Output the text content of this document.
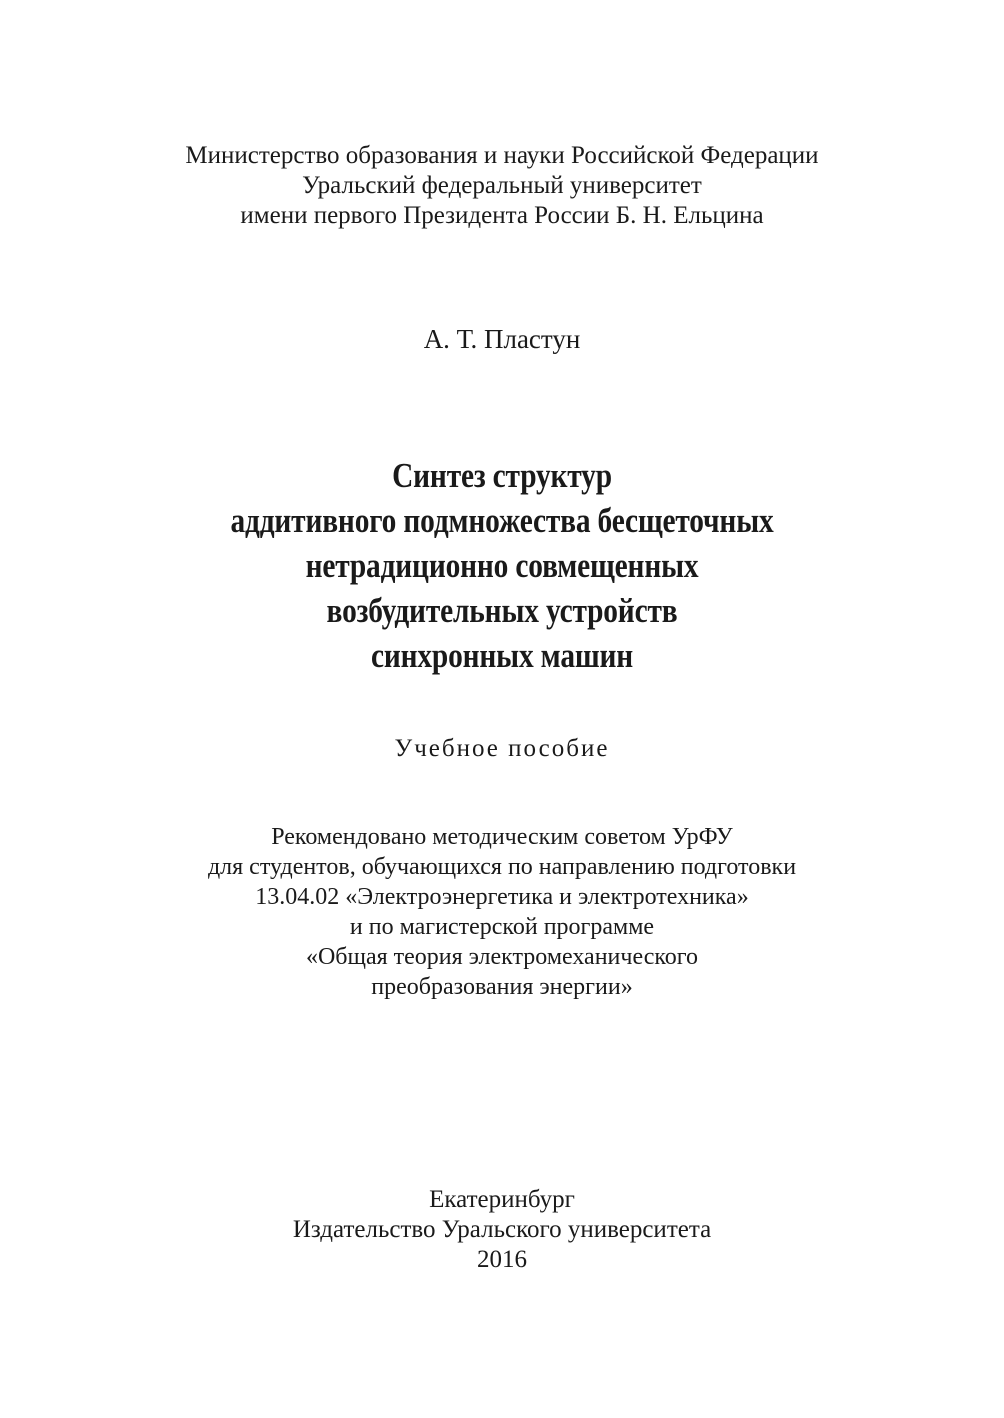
Министерство образования и науки Российской Федерации
Уральский федеральный университет
имени первого Президента России Б. Н. Ельцина
А. Т. Пластун
Синтез структур
аддитивного подмножества бесщеточных
нетрадиционно совмещенных
возбудительных устройств
синхронных машин
Учебное пособие
Рекомендовано методическим советом УрФУ
для студентов, обучающихся по направлению подготовки
13.04.02 «Электроэнергетика и электротехника»
и по магистерской программе
«Общая теория электромеханического
преобразования энергии»
Екатеринбург
Издательство Уральского университета
2016
